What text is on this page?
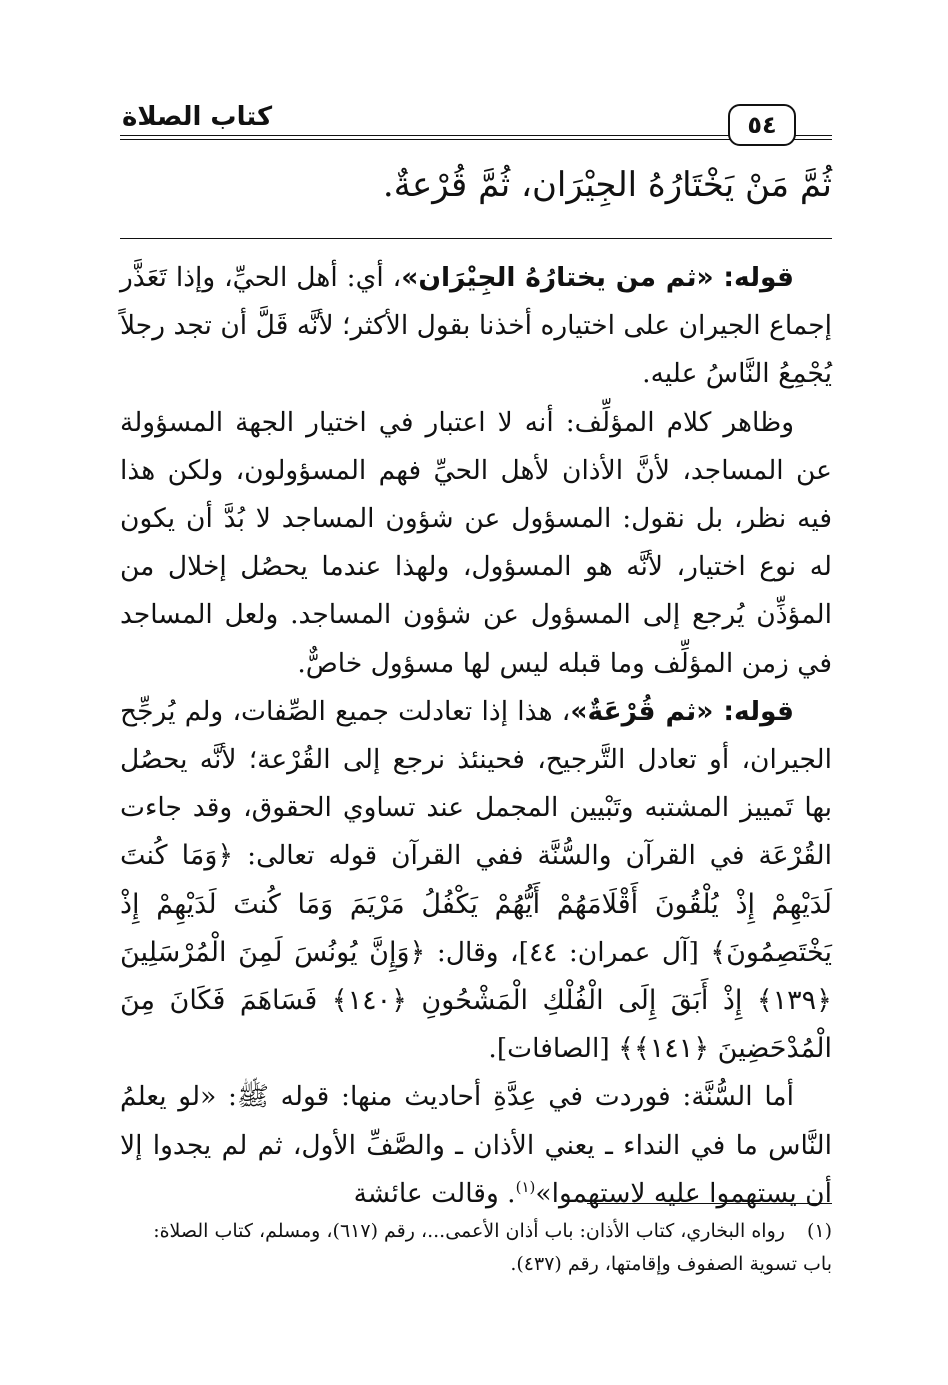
كتاب الصلاة	٥٤
ثُمَّ مَنْ يَخْتَارُهُ الجِيْرَان، ثُمَّ قُرْعةٌ.

قوله: «ثم من يختارُهُ الجِيْرَان»، أي: أهل الحيِّ، وإذا تَعَذَّر إجماع الجيران على اختياره أخذنا بقول الأكثر؛ لأنَّه قَلَّ أن تجد رجلاً يُجْمِعُ النَّاسُ عليه.

وظاهر كلام المؤلِّف: أنه لا اعتبار في اختيار الجهة المسؤولة عن المساجد، لأنَّ الأذان لأهل الحيِّ فهم المسؤولون، ولكن هذا فيه نظر، بل نقول: المسؤول عن شؤون المساجد لا بُدَّ أن يكون له نوع اختيار، لأنَّه هو المسؤول، ولهذا عندما يحصُل إخلال من المؤذِّن يُرجع إلى المسؤول عن شؤون المساجد. ولعل المساجد في زمن المؤلِّف وما قبله ليس لها مسؤول خاصٌّ.

قوله: «ثم قُرْعَةٌ»، هذا إذا تعادلت جميع الصِّفات، ولم يُرجِّح الجيران، أو تعادل التَّرجيح، فحينئذ نرجع إلى القُرْعة؛ لأنَّه يحصُل بها تَمييز المشتبه وتَبْيين المجمل عند تساوي الحقوق، وقد جاءت القُرْعَة في القرآن والسُّنَّة ففي القرآن قوله تعالى: ﴿وَمَا كُنتَ لَدَيْهِمْ إِذْ يُلْقُونَ أَقْلَامَهُمْ أَيُّهُمْ يَكْفُلُ مَرْيَمَ وَمَا كُنتَ لَدَيْهِمْ إِذْ يَخْتَصِمُونَ﴾ [آل عمران: ٤٤]، وقال: ﴿وَإِنَّ يُونُسَ لَمِنَ الْمُرْسَلِينَ ﴿١٣٩﴾ إِذْ أَبَقَ إِلَى الْفُلْكِ الْمَشْحُونِ ﴿١٤٠﴾ فَسَاهَمَ فَكَانَ مِنَ الْمُدْحَضِينَ ﴿١٤١﴾﴾ [الصافات].

أما السُّنَّة: فوردت في عِدَّةِ أحاديث منها: قوله ﷺ: «لو يعلمُ النَّاس ما في النداء ـ يعني الأذان ـ والصَّفِّ الأول، ثم لم يجدوا إلا أن يستهموا عليه لاستهموا»$^{(١)}$. وقالت عائشة

(١)رواه البخاري، كتاب الأذان: باب أذان الأعمى...، رقم (٦١٧)، ومسلم، كتاب الصلاة: باب تسوية الصفوف وإقامتها، رقم (٤٣٧).
